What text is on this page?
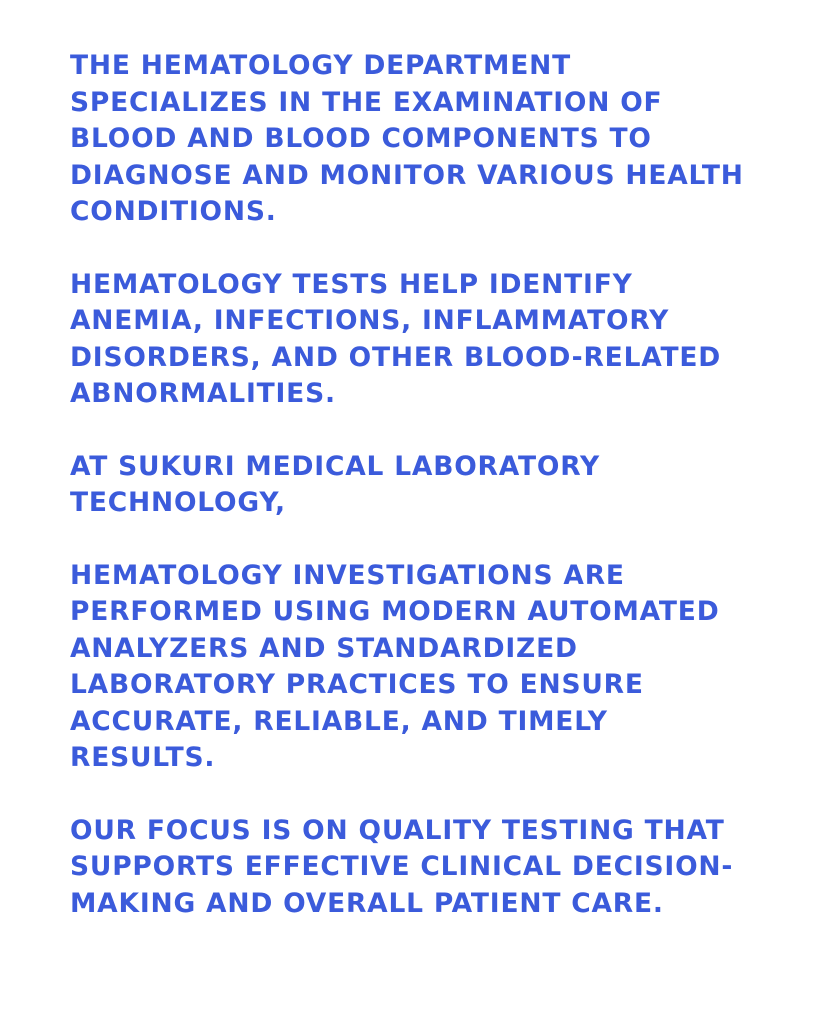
THE HEMATOLOGY DEPARTMENT SPECIALIZES IN THE EXAMINATION OF BLOOD AND BLOOD COMPONENTS TO DIAGNOSE AND MONITOR VARIOUS HEALTH CONDITIONS.

HEMATOLOGY TESTS HELP IDENTIFY ANEMIA, INFECTIONS, INFLAMMATORY DISORDERS, AND OTHER BLOOD-RELATED ABNORMALITIES.

AT SUKURI MEDICAL LABORATORY TECHNOLOGY,

HEMATOLOGY INVESTIGATIONS ARE PERFORMED USING MODERN AUTOMATED ANALYZERS AND STANDARDIZED LABORATORY PRACTICES TO ENSURE ACCURATE, RELIABLE, AND TIMELY RESULTS.

OUR FOCUS IS ON QUALITY TESTING THAT SUPPORTS EFFECTIVE CLINICAL DECISION-MAKING AND OVERALL PATIENT CARE.
